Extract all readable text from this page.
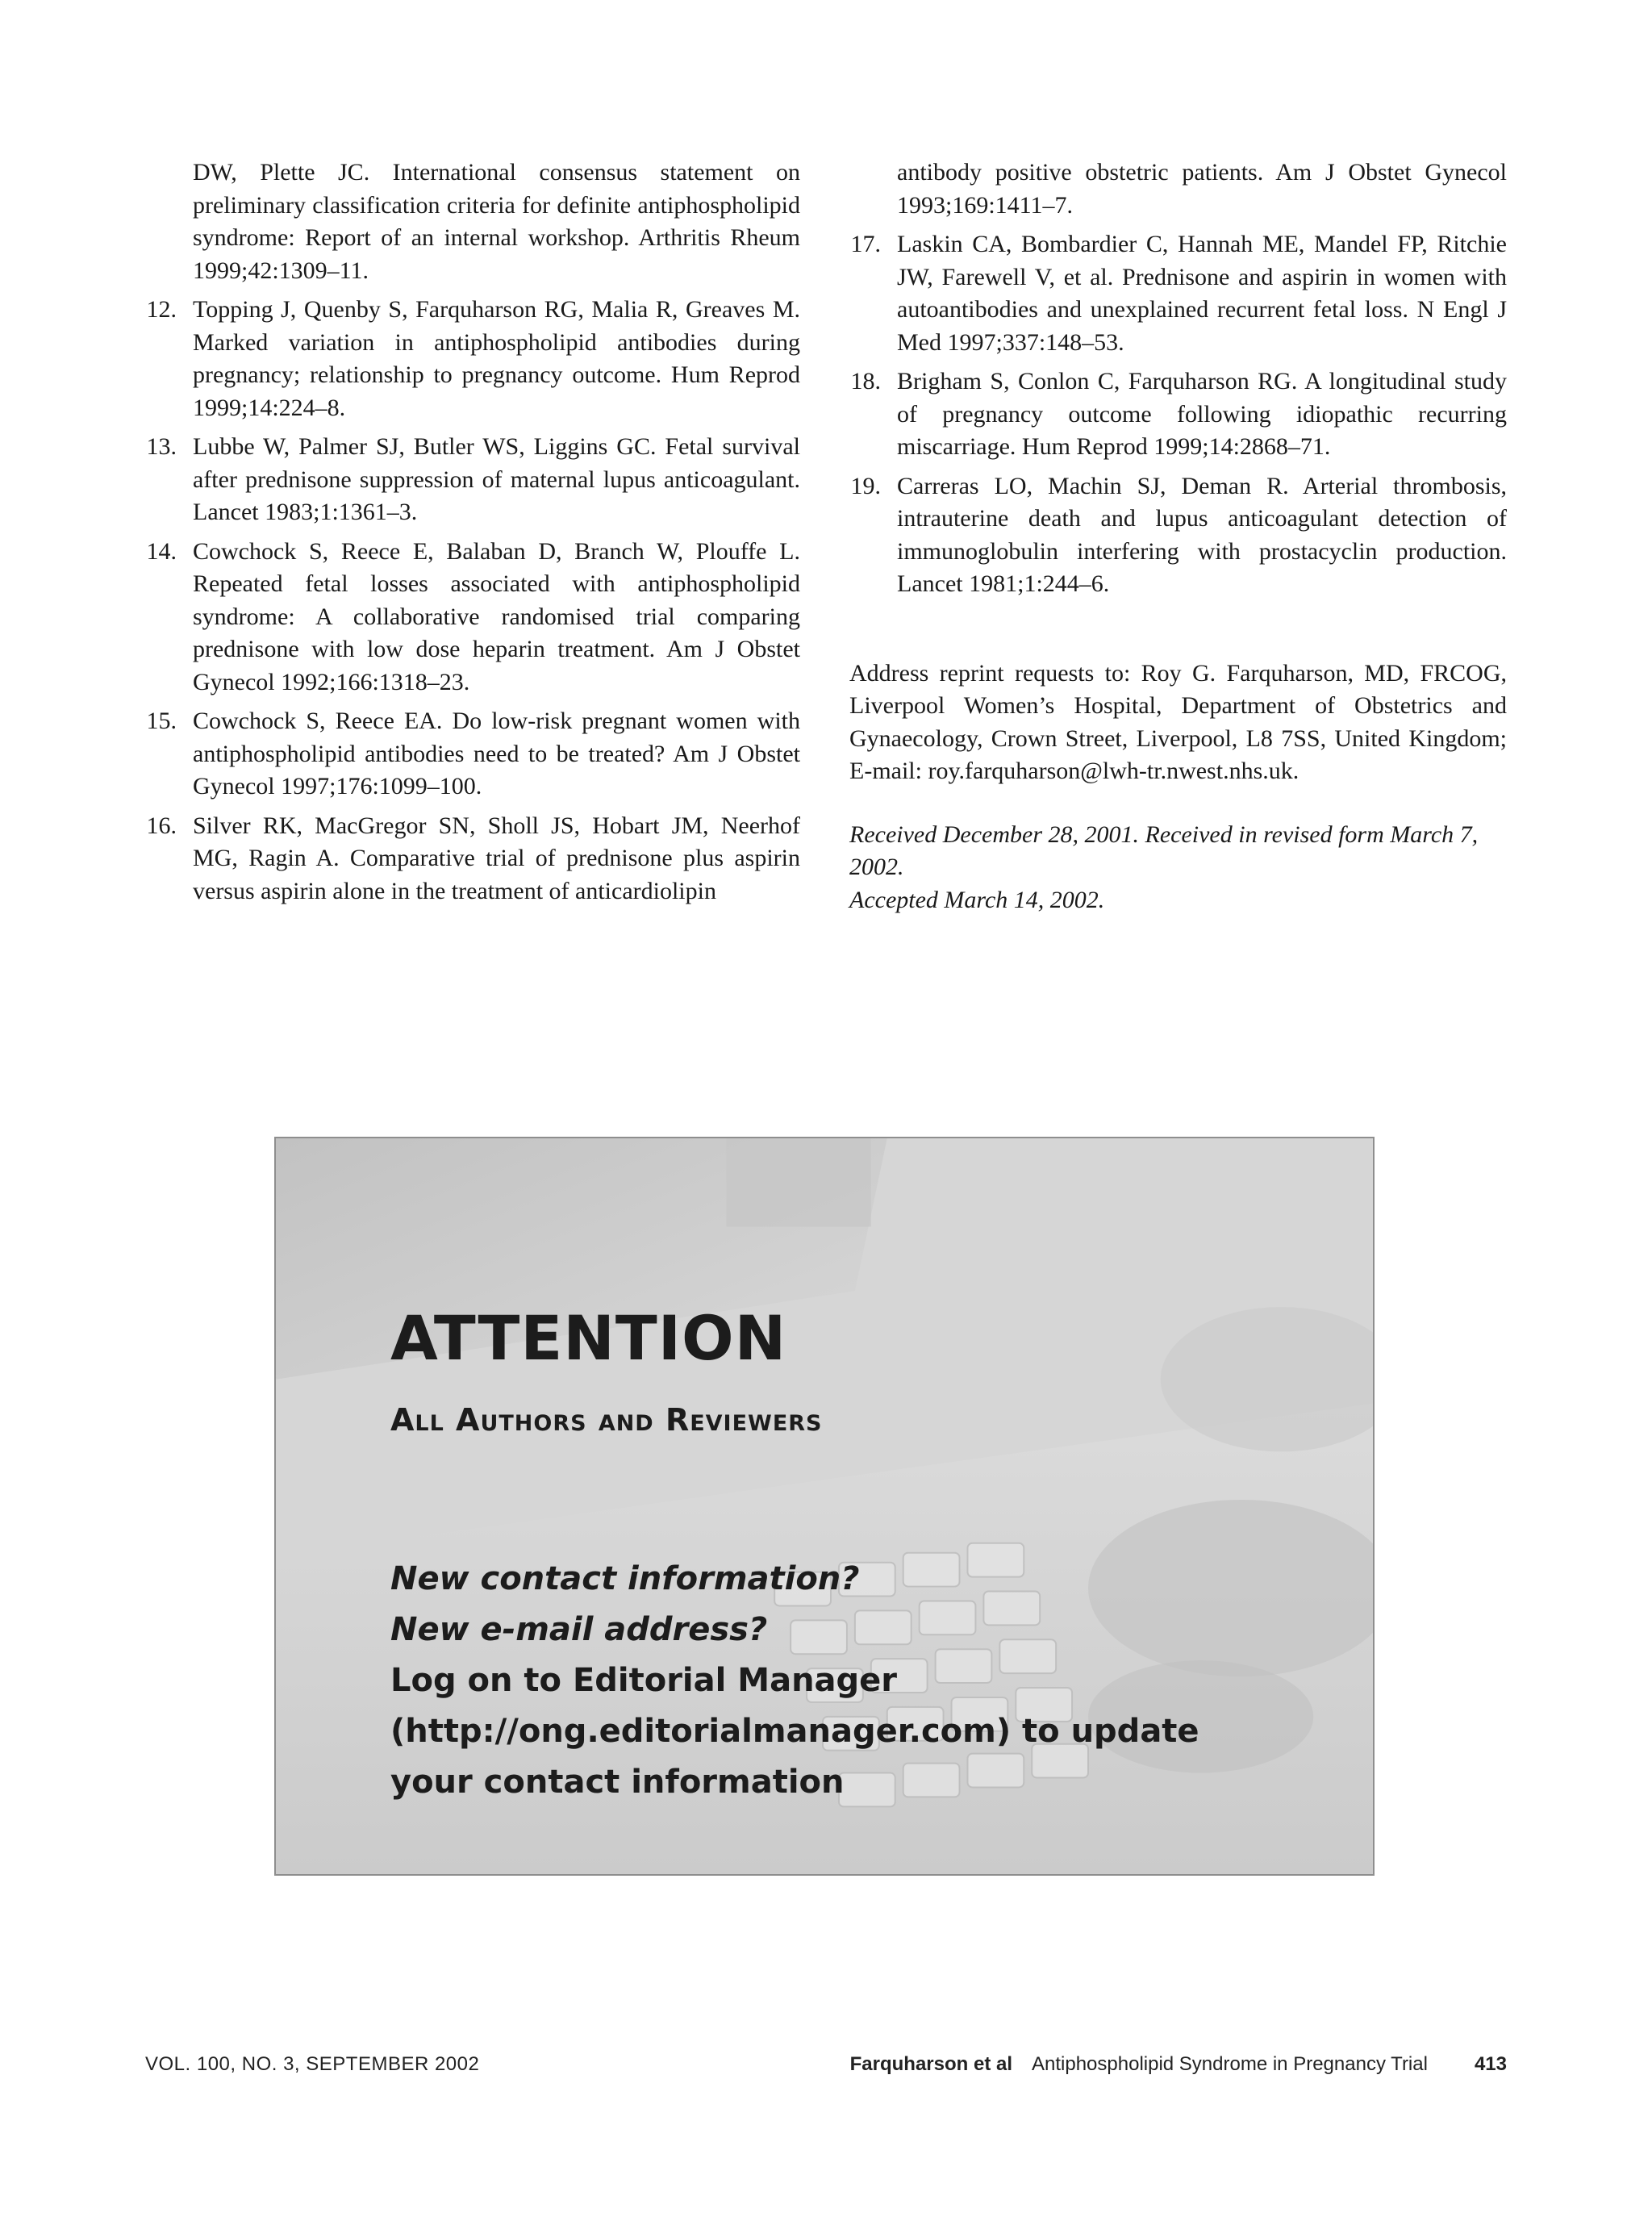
DW, Plette JC. International consensus statement on preliminary classification criteria for definite antiphospholipid syndrome: Report of an internal workshop. Arthritis Rheum 1999;42:1309–11.
12. Topping J, Quenby S, Farquharson RG, Malia R, Greaves M. Marked variation in antiphospholipid antibodies during pregnancy; relationship to pregnancy outcome. Hum Reprod 1999;14:224–8.
13. Lubbe W, Palmer SJ, Butler WS, Liggins GC. Fetal survival after prednisone suppression of maternal lupus anticoagulant. Lancet 1983;1:1361–3.
14. Cowchock S, Reece E, Balaban D, Branch W, Plouffe L. Repeated fetal losses associated with antiphospholipid syndrome: A collaborative randomised trial comparing prednisone with low dose heparin treatment. Am J Obstet Gynecol 1992;166:1318–23.
15. Cowchock S, Reece EA. Do low-risk pregnant women with antiphospholipid antibodies need to be treated? Am J Obstet Gynecol 1997;176:1099–100.
16. Silver RK, MacGregor SN, Sholl JS, Hobart JM, Neerhof MG, Ragin A. Comparative trial of prednisone plus aspirin versus aspirin alone in the treatment of anticardiolipin
antibody positive obstetric patients. Am J Obstet Gynecol 1993;169:1411–7.
17. Laskin CA, Bombardier C, Hannah ME, Mandel FP, Ritchie JW, Farewell V, et al. Prednisone and aspirin in women with autoantibodies and unexplained recurrent fetal loss. N Engl J Med 1997;337:148–53.
18. Brigham S, Conlon C, Farquharson RG. A longitudinal study of pregnancy outcome following idiopathic recurring miscarriage. Hum Reprod 1999;14:2868–71.
19. Carreras LO, Machin SJ, Deman R. Arterial thrombosis, intrauterine death and lupus anticoagulant detection of immunoglobulin interfering with prostacyclin production. Lancet 1981;1:244–6.

Address reprint requests to: Roy G. Farquharson, MD, FRCOG, Liverpool Women’s Hospital, Department of Obstetrics and Gynaecology, Crown Street, Liverpool, L8 7SS, United Kingdom; E-mail: roy.farquharson@lwh-tr.nwest.nhs.uk.

Received December 28, 2001. Received in revised form March 7, 2002.

Accepted March 14, 2002.

ATTENTION
All Authors and Reviewers
New contact information?
New e-mail address?
Log on to Editorial Manager
(http://ong.editorialmanager.com) to update
your contact information
VOL. 100, NO. 3, SEPTEMBER 2002	Farquharson et al Antiphospholipid Syndrome in Pregnancy Trial 413
